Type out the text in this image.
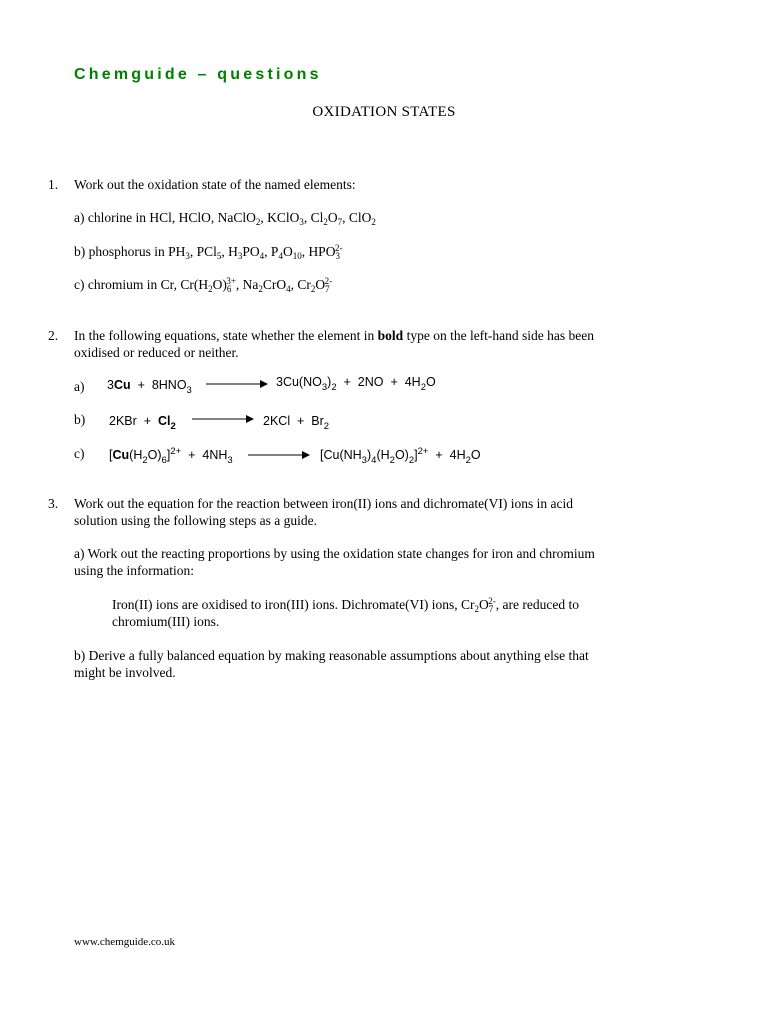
Chemguide – questions
OXIDATION STATES
1. Work out the oxidation state of the named elements:
a) chlorine in HCl, HClO, NaClO$_2$, KClO$_3$, $Cl_2O_7$, ClO$_2$
b) phosphorus in $PH_3$, PCl$_5$, $H_3PO_4$, $P_4O_{10}$, $HPO_3^{2-}$
c) chromium in Cr, $Cr(H_2O)_6^{3+}$, $Na_2CrO_4$, $Cr_2O_7^{2-}$
2. In the following equations, state whether the element in bold type on the left-hand side has been
oxidised or reduced or neither.
a) $3Cu + 8HNO_3 \to 3Cu(NO_3)_2 + 2NO + 4H_2O$
b) $2KBr + Cl_2 \to 2KCl + Br_2$
c) $[Cu(H_2O)_6]^{2+} + 4NH_3 \to [Cu(NH_3)_4(H_2O)_2]^{2+} + 4H_2O$
3. Work out the equation for the reaction between iron(II) ions and dichromate(VI) ions in acid
solution using the following steps as a guide.
a) Work out the reacting proportions by using the oxidation state changes for iron and chromium
using the information:
Iron(II) ions are oxidised to iron(III) ions. Dichromate(VI) ions, $Cr_2O_7^{2-}$, are reduced to
chromium(III) ions.
b) Derive a fully balanced equation by making reasonable assumptions about anything else that
might be involved.
www.chemguide.co.uk
